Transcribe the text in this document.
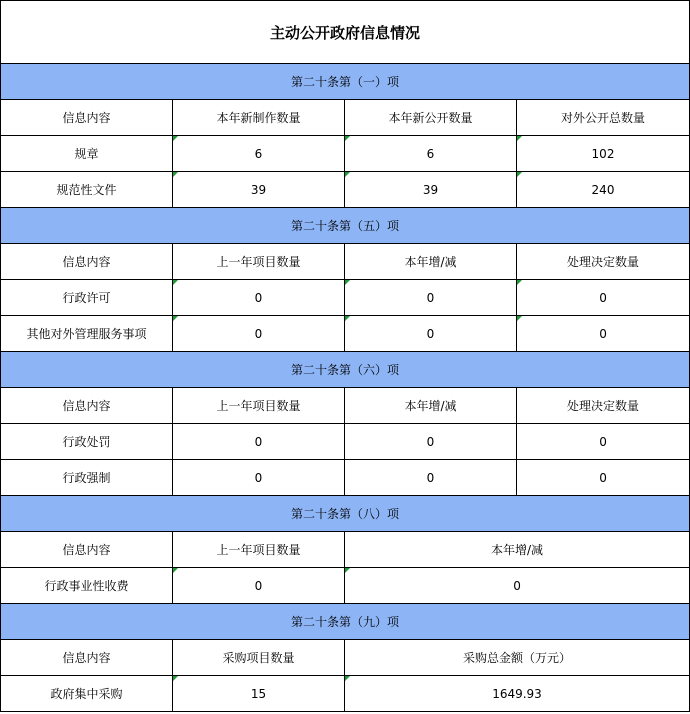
主动公开政府信息情况			
第二十条第（一）项			
信息内容	本年新制作数量	本年新公开数量	对外公开总数量
规章	6	6	102
规范性文件	39	39	240
第二十条第（五）项			
信息内容	上一年项目数量	本年增/减	处理决定数量
行政许可	0	0	0
其他对外管理服务事项	0	0	0
第二十条第（六）项			
信息内容	上一年项目数量	本年增/减	处理决定数量
行政处罚	0	0	0
行政强制	0	0	0
第二十条第（八）项			
信息内容	上一年项目数量	本年增/减	
行政事业性收费	0	0	
第二十条第（九）项			
信息内容	采购项目数量	采购总金额（万元）	
政府集中采购	15	1649.93	
